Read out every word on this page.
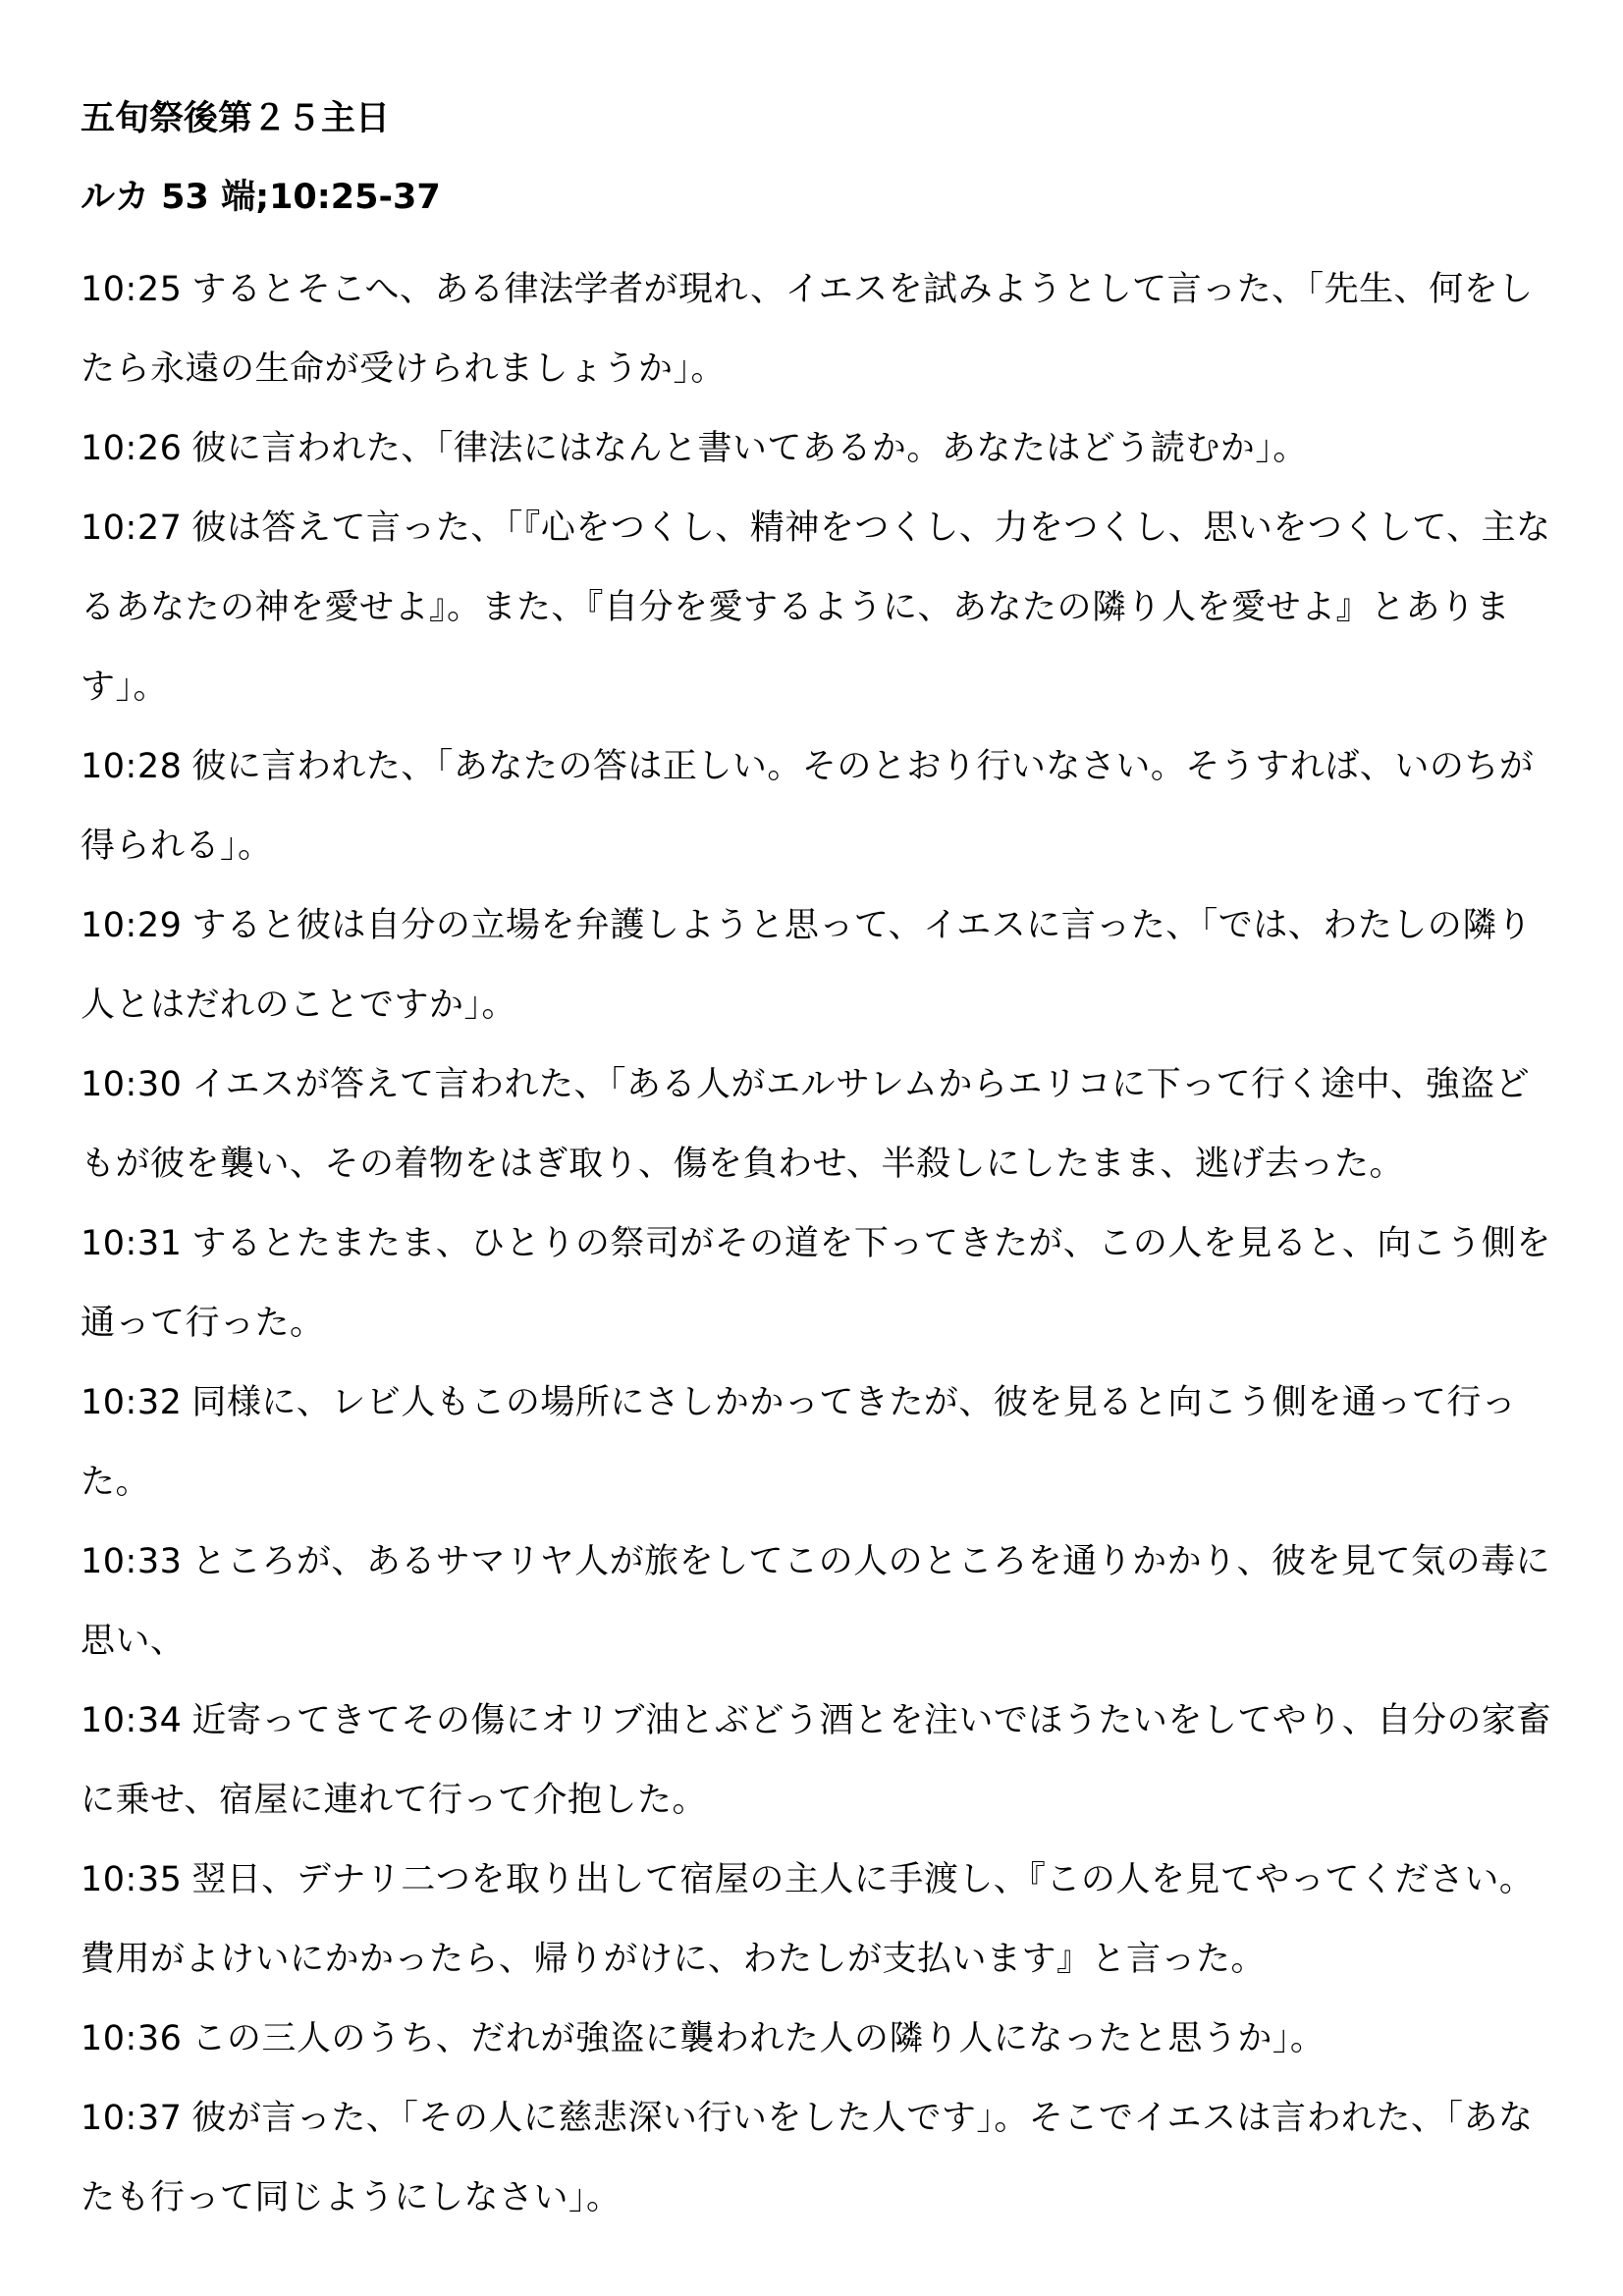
五旬祭後第２５主日
ルカ 53 端;10:25-37
10:25 するとそこへ、ある律法学者が現れ、イエスを試みようとして言った、「先生、何をしたら永遠の生命が受けられましょうか」。
10:26 彼に言われた、「律法にはなんと書いてあるか。あなたはどう読むか」。
10:27 彼は答えて言った、「『心をつくし、精神をつくし、力をつくし、思いをつくして、主なるあなたの神を愛せよ』。また、『自分を愛するように、あなたの隣り人を愛せよ』とあります」。
10:28 彼に言われた、「あなたの答は正しい。そのとおり行いなさい。そうすれば、いのちが得られる」。
10:29 すると彼は自分の立場を弁護しようと思って、イエスに言った、「では、わたしの隣り人とはだれのことですか」。
10:30 イエスが答えて言われた、「ある人がエルサレムからエリコに下って行く途中、強盗どもが彼を襲い、その着物をはぎ取り、傷を負わせ、半殺しにしたまま、逃げ去った。
10:31 するとたまたま、ひとりの祭司がその道を下ってきたが、この人を見ると、向こう側を通って行った。
10:32 同様に、レビ人もこの場所にさしかかってきたが、彼を見ると向こう側を通って行った。
10:33 ところが、あるサマリヤ人が旅をしてこの人のところを通りかかり、彼を見て気の毒に思い、
10:34 近寄ってきてその傷にオリブ油とぶどう酒とを注いでほうたいをしてやり、自分の家畜に乗せ、宿屋に連れて行って介抱した。
10:35 翌日、デナリ二つを取り出して宿屋の主人に手渡し、『この人を見てやってください。費用がよけいにかかったら、帰りがけに、わたしが支払います』と言った。
10:36 この三人のうち、だれが強盗に襲われた人の隣り人になったと思うか」。
10:37 彼が言った、「その人に慈悲深い行いをした人です」。そこでイエスは言われた、「あなたも行って同じようにしなさい」。
